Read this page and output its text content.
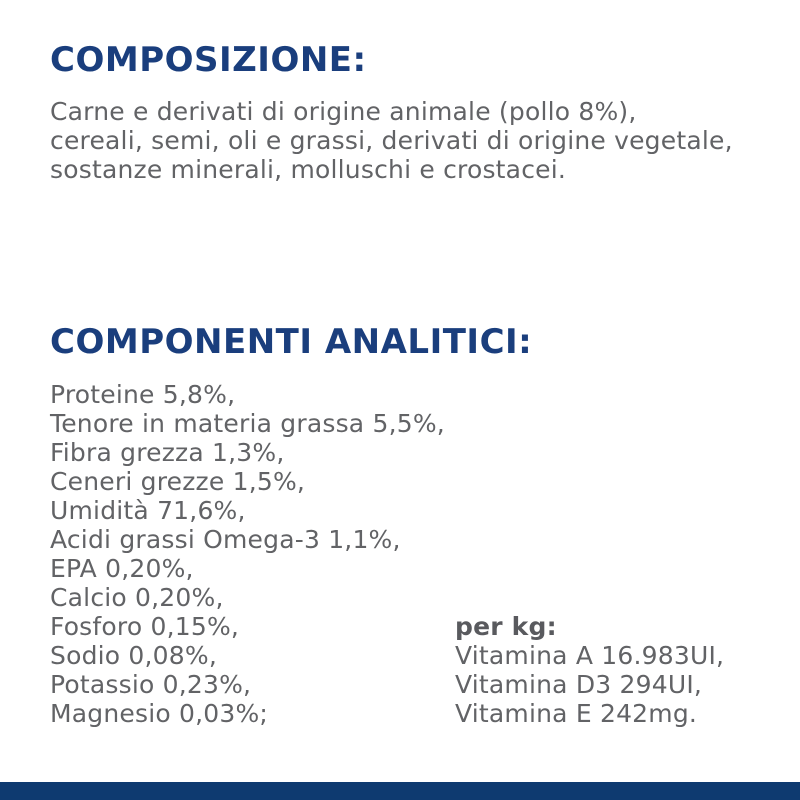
COMPOSIZIONE:
Carne e derivati di origine animale (pollo 8%),
cereali, semi, oli e grassi, derivati di origine vegetale,
sostanze minerali, molluschi e crostacei.
COMPONENTI ANALITICI:
Proteine 5,8%,
Tenore in materia grassa 5,5%,
Fibra grezza 1,3%,
Ceneri grezze 1,5%,
Umidità 71,6%,
Acidi grassi Omega-3 1,1%,
EPA 0,20%,
Calcio 0,20%,
Fosforo 0,15%,
Sodio 0,08%,
Potassio 0,23%,
Magnesio 0,03%;
per kg:
Vitamina A 16.983UI,
Vitamina D3 294UI,
Vitamina E 242mg.
